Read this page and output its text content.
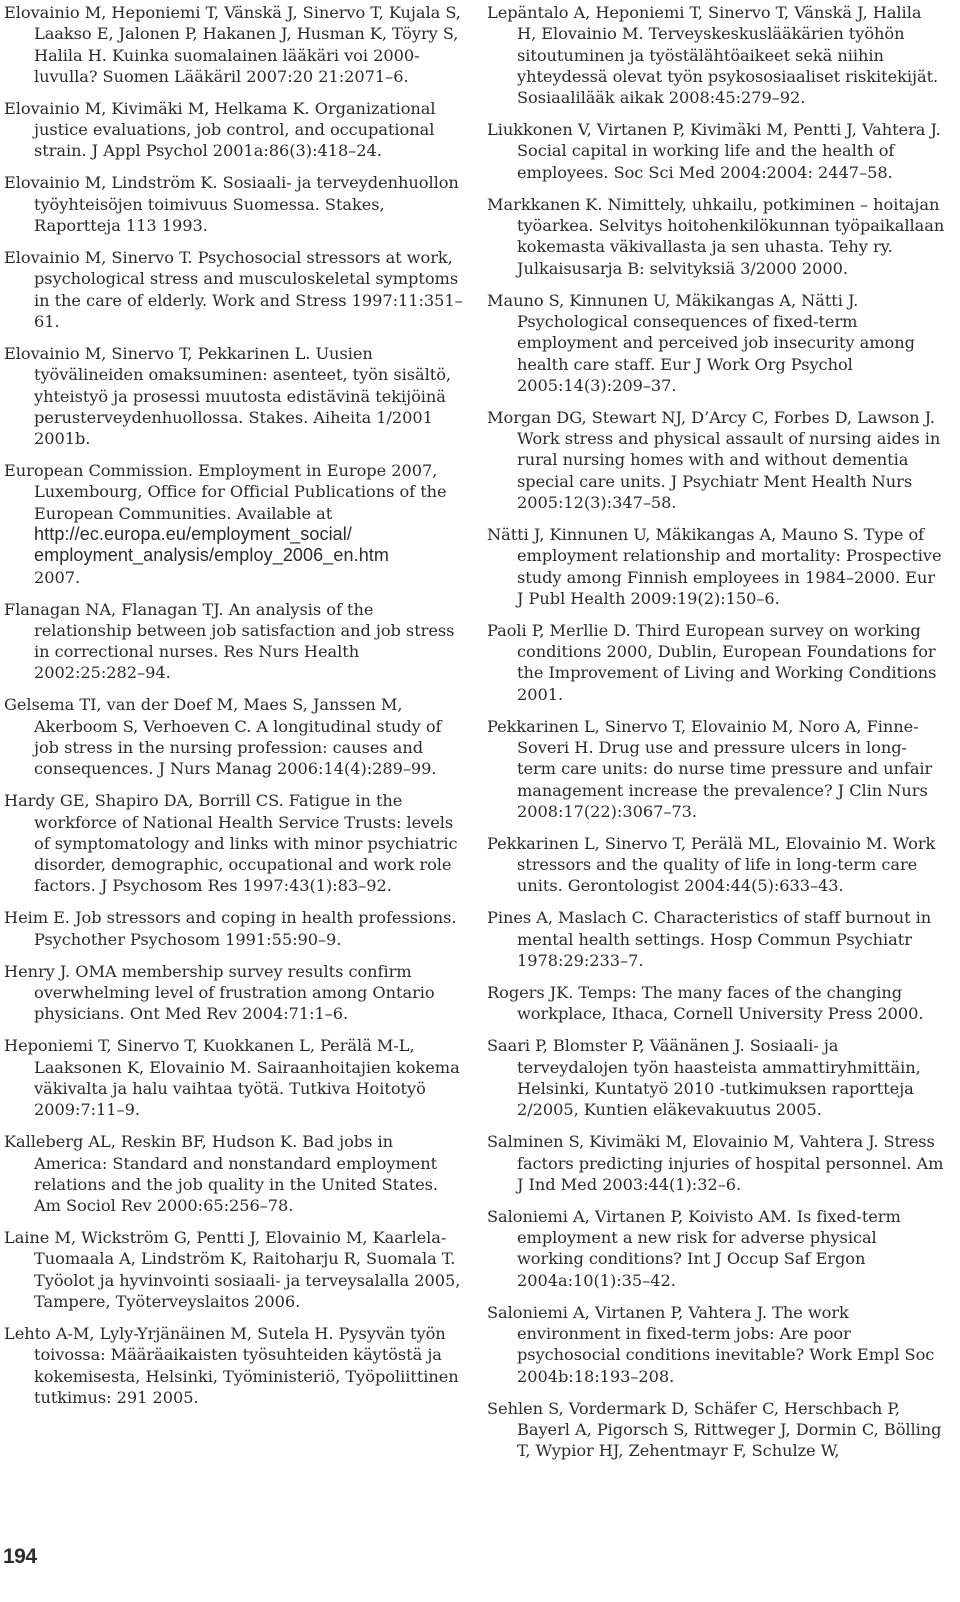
Elovainio M, Heponiemi T, Vänskä J, Sinervo T, Kujala S, Laakso E, Jalonen P, Hakanen J, Husman K, Töyry S, Halila H. Kuinka suomalainen lääkäri voi 2000-luvulla? Suomen Lääkäril 2007:20 21:2071–6.

Elovainio M, Kivimäki M, Helkama K. Organizational justice evaluations, job control, and occupational strain. J Appl Psychol 2001a:86(3):418–24.

Elovainio M, Lindström K. Sosiaali- ja terveydenhuollon työyhteisöjen toimivuus Suomessa. Stakes, Raportteja 113 1993.

Elovainio M, Sinervo T. Psychosocial stressors at work, psychological stress and musculoskeletal symptoms in the care of elderly. Work and Stress 1997:11:351–61.

Elovainio M, Sinervo T, Pekkarinen L. Uusien työvälineiden omaksuminen: asenteet, työn sisältö, yhteistyö ja prosessi muutosta edistävinä tekijöinä perusterveydenhuollossa. Stakes. Aiheita 1/2001 2001b.

European Commission. Employment in Europe 2007, Luxembourg, Office for Official Publications of the European Communities. Available at
http://ec.europa.eu/employment_social/
employment_analysis/employ_2006_en.htm
2007.

Flanagan NA, Flanagan TJ. An analysis of the relationship between job satisfaction and job stress in correctional nurses. Res Nurs Health 2002:25:282–94.

Gelsema TI, van der Doef M, Maes S, Janssen M, Akerboom S, Verhoeven C. A longitudinal study of job stress in the nursing profession: causes and consequences. J Nurs Manag 2006:14(4):289–99.

Hardy GE, Shapiro DA, Borrill CS. Fatigue in the workforce of National Health Service Trusts: levels of symptomatology and links with minor psychiatric disorder, demographic, occupational and work role factors. J Psychosom Res 1997:43(1):83–92.

Heim E. Job stressors and coping in health professions. Psychother Psychosom 1991:55:90–9.

Henry J. OMA membership survey results confirm overwhelming level of frustration among Ontario physicians. Ont Med Rev 2004:71:1–6.

Heponiemi T, Sinervo T, Kuokkanen L, Perälä M-L, Laaksonen K, Elovainio M. Sairaanhoitajien kokema väkivalta ja halu vaihtaa työtä. Tutkiva Hoitotyö 2009:7:11–9.

Kalleberg AL, Reskin BF, Hudson K. Bad jobs in America: Standard and nonstandard employment relations and the job quality in the United States. Am Sociol Rev 2000:65:256–78.

Laine M, Wickström G, Pentti J, Elovainio M, Kaarlela-Tuomaala A, Lindström K, Raitoharju R, Suomala T. Työolot ja hyvinvointi sosiaali- ja terveysalalla 2005, Tampere, Työterveyslaitos 2006.

Lehto A-M, Lyly-Yrjänäinen M, Sutela H. Pysyvän työn toivossa: Määräaikaisten työsuhteiden käytöstä ja kokemisesta, Helsinki, Työministeriö, Työpoliittinen tutkimus: 291 2005.

Lepäntalo A, Heponiemi T, Sinervo T, Vänskä J, Halila H, Elovainio M. Terveyskeskuslääkärien työhön sitoutuminen ja työstälähtöaikeet sekä niihin yhteydessä olevat työn psykososiaaliset riskitekijät. Sosiaalilääk aikak 2008:45:279–92.

Liukkonen V, Virtanen P, Kivimäki M, Pentti J, Vahtera J. Social capital in working life and the health of employees. Soc Sci Med 2004:2004: 2447–58.

Markkanen K. Nimittely, uhkailu, potkiminen – hoitajan työarkea. Selvitys hoitohenkilökunnan työpaikallaan kokemasta väkivallasta ja sen uhasta. Tehy ry. Julkaisusarja B: selvityksiä 3/2000 2000.

Mauno S, Kinnunen U, Mäkikangas A, Nätti J. Psychological consequences of fixed-term employment and perceived job insecurity among health care staff. Eur J Work Org Psychol 2005:14(3):209–37.

Morgan DG, Stewart NJ, D’Arcy C, Forbes D, Lawson J. Work stress and physical assault of nursing aides in rural nursing homes with and without dementia special care units. J Psychiatr Ment Health Nurs 2005:12(3):347–58.

Nätti J, Kinnunen U, Mäkikangas A, Mauno S. Type of employment relationship and mortality: Prospective study among Finnish employees in 1984–2000. Eur J Publ Health 2009:19(2):150–6.

Paoli P, Merllie D. Third European survey on working conditions 2000, Dublin, European Foundations for the Improvement of Living and Working Conditions 2001.

Pekkarinen L, Sinervo T, Elovainio M, Noro A, Finne-Soveri H. Drug use and pressure ulcers in long-term care units: do nurse time pressure and unfair management increase the prevalence? J Clin Nurs 2008:17(22):3067–73.

Pekkarinen L, Sinervo T, Perälä ML, Elovainio M. Work stressors and the quality of life in long-term care units. Gerontologist 2004:44(5):633–43.

Pines A, Maslach C. Characteristics of staff burnout in mental health settings. Hosp Commun Psychiatr 1978:29:233–7.

Rogers JK. Temps: The many faces of the changing workplace, Ithaca, Cornell University Press 2000.

Saari P, Blomster P, Väänänen J. Sosiaali- ja terveydalojen työn haasteista ammattiryhmittäin, Helsinki, Kuntatyö 2010 -tutkimuksen raportteja 2/2005, Kuntien eläkevakuutus 2005.

Salminen S, Kivimäki M, Elovainio M, Vahtera J. Stress factors predicting injuries of hospital personnel. Am J Ind Med 2003:44(1):32–6.

Saloniemi A, Virtanen P, Koivisto AM. Is fixed-term employment a new risk for adverse physical working conditions? Int J Occup Saf Ergon 2004a:10(1):35–42.

Saloniemi A, Virtanen P, Vahtera J. The work environment in fixed-term jobs: Are poor psychosocial conditions inevitable? Work Empl Soc 2004b:18:193–208.

Sehlen S, Vordermark D, Schäfer C, Herschbach P, Bayerl A, Pigorsch S, Rittweger J, Dormin C, Bölling T, Wypior HJ, Zehentmayr F, Schulze W,

194
